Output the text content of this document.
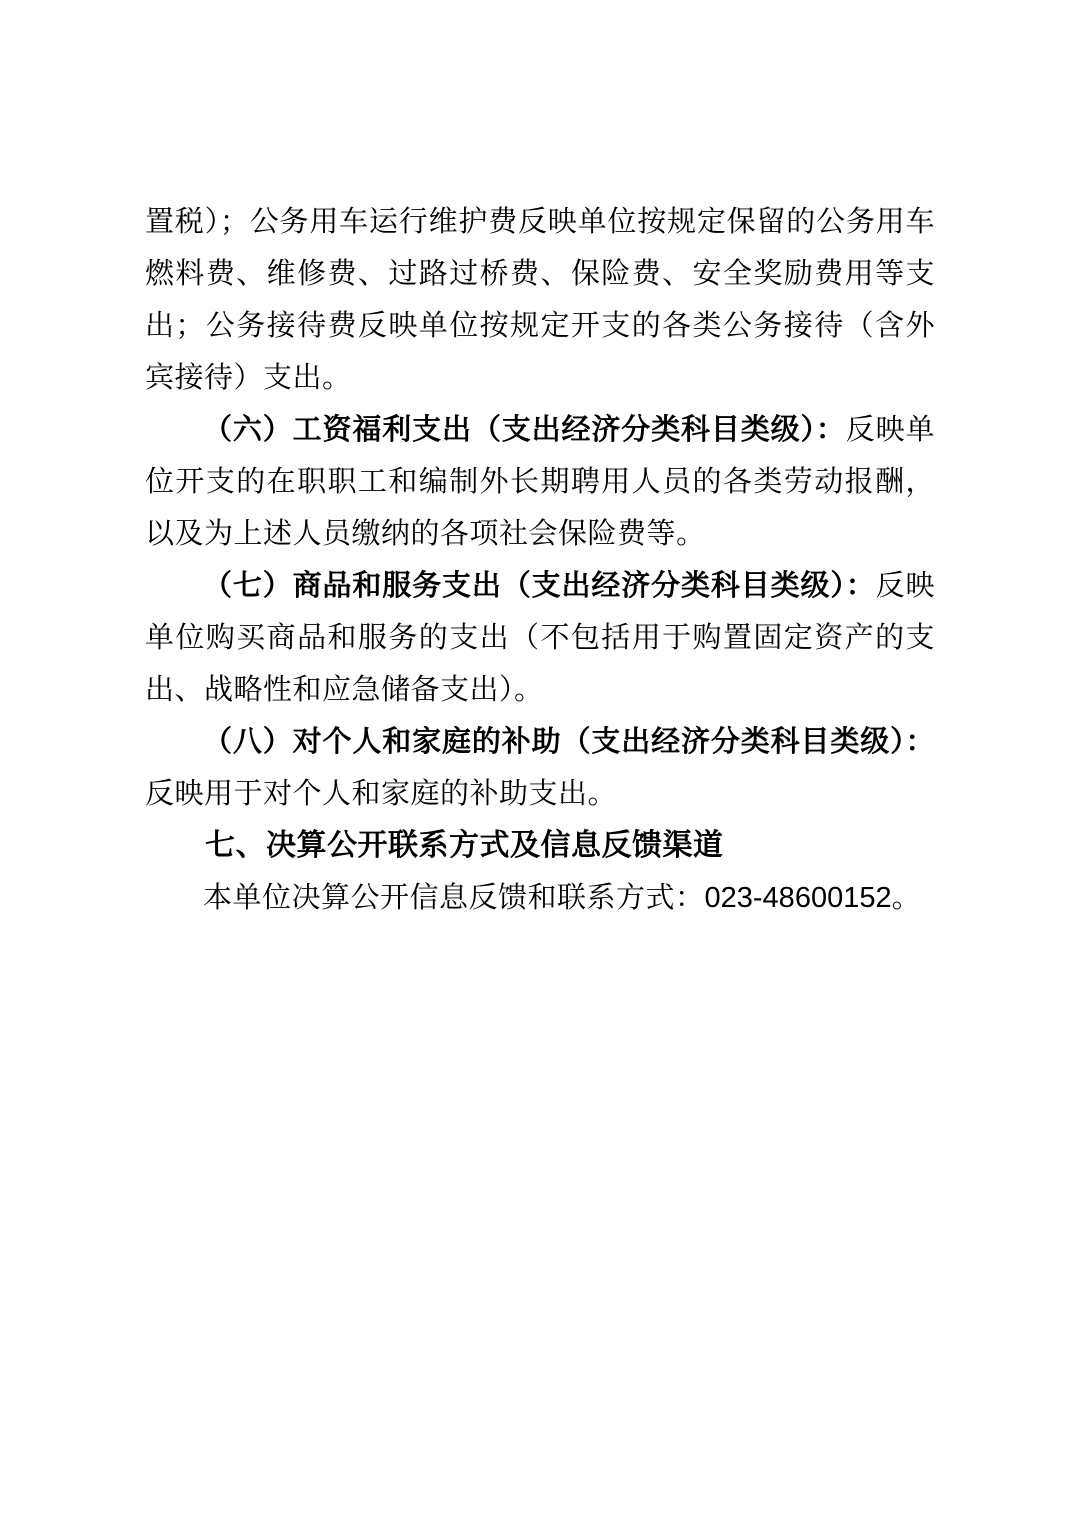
置税）；公务用车运行维护费反映单位按规定保留的公务用车燃料费、维修费、过路过桥费、保险费、安全奖励费用等支出；公务接待费反映单位按规定开支的各类公务接待（含外宾接待）支出。

（六）工资福利支出（支出经济分类科目类级）：反映单位开支的在职职工和编制外长期聘用人员的各类劳动报酬，以及为上述人员缴纳的各项社会保险费等。

（七）商品和服务支出（支出经济分类科目类级）：反映单位购买商品和服务的支出（不包括用于购置固定资产的支出、战略性和应急储备支出）。

（八）对个人和家庭的补助（支出经济分类科目类级）：反映用于对个人和家庭的补助支出。

七、决算公开联系方式及信息反馈渠道

本单位决算公开信息反馈和联系方式：023-48600152。
